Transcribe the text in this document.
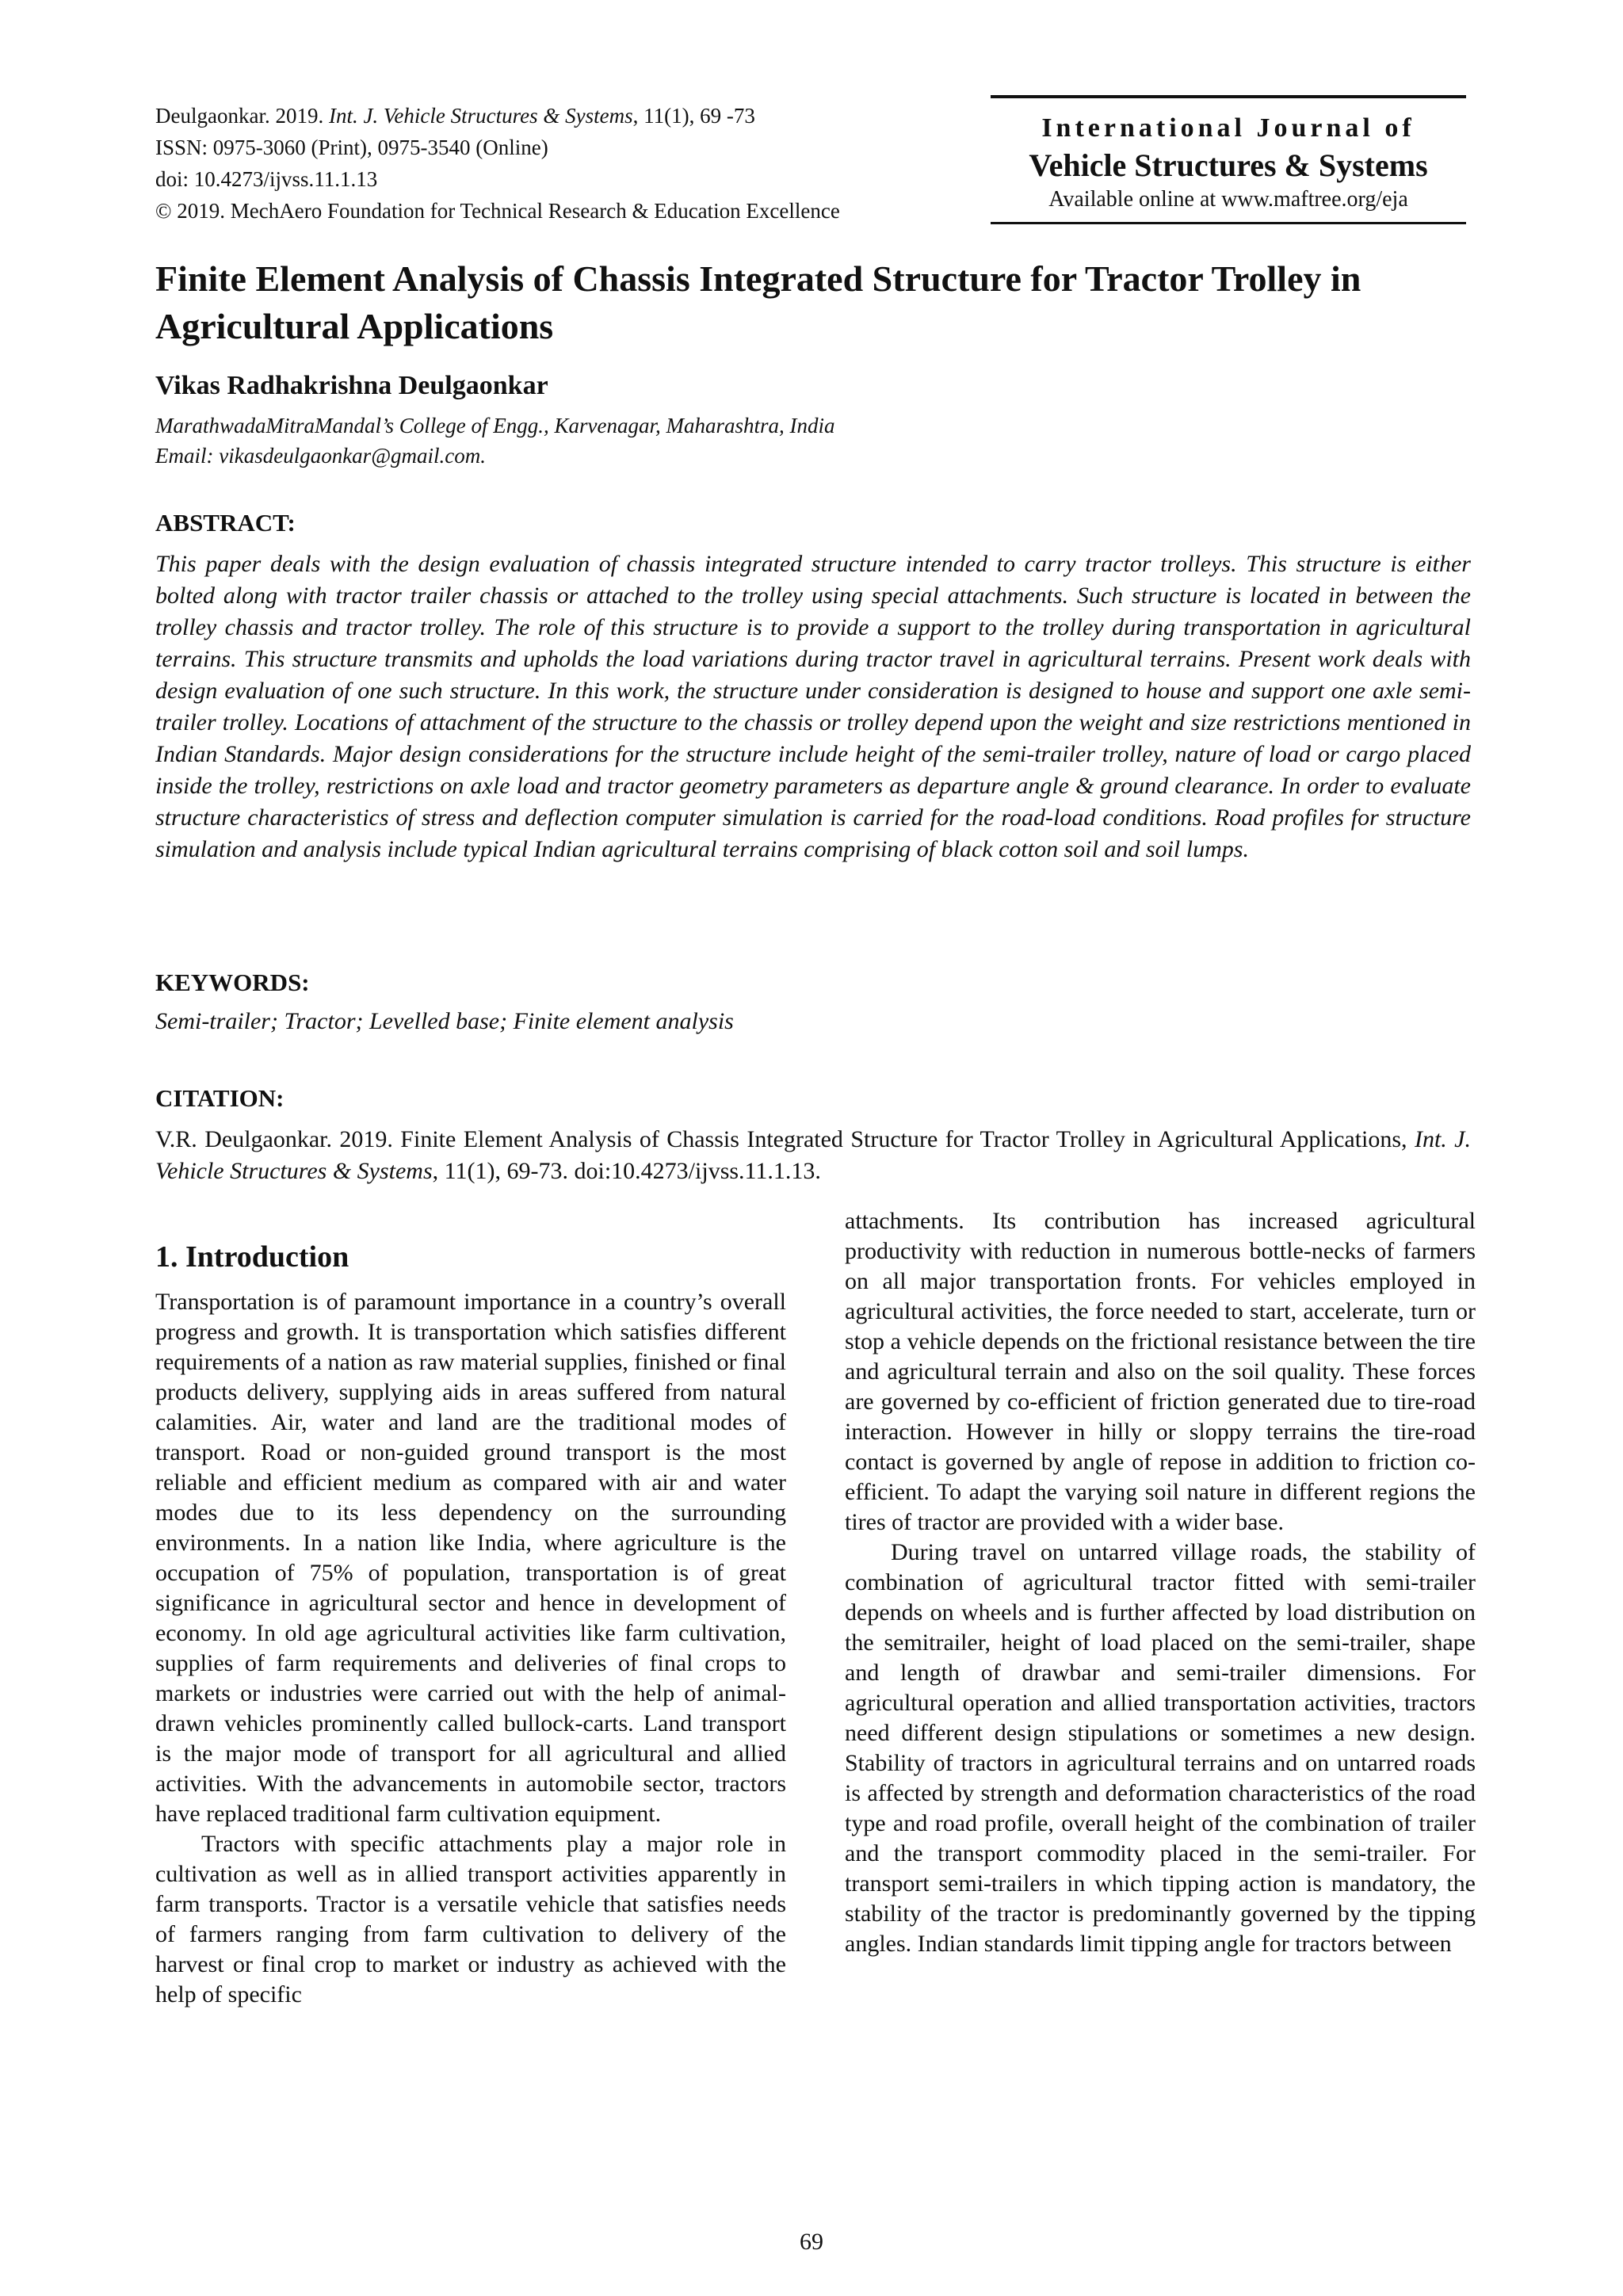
Deulgaonkar. 2019. Int. J. Vehicle Structures & Systems, 11(1), 69 -73
ISSN: 0975-3060 (Print), 0975-3540 (Online)
doi: 10.4273/ijvss.11.1.13
© 2019. MechAero Foundation for Technical Research & Education Excellence
International Journal of
Vehicle Structures & Systems
Available online at www.maftree.org/eja
Finite Element Analysis of Chassis Integrated Structure for Tractor Trolley in Agricultural Applications
Vikas Radhakrishna Deulgaonkar
MarathwadaMitraMandal’s College of Engg., Karvenagar, Maharashtra, India
Email: vikasdeulgaonkar@gmail.com.
ABSTRACT:

This paper deals with the design evaluation of chassis integrated structure intended to carry tractor trolleys. This structure is either bolted along with tractor trailer chassis or attached to the trolley using special attachments. Such structure is located in between the trolley chassis and tractor trolley. The role of this structure is to provide a support to the trolley during transportation in agricultural terrains. This structure transmits and upholds the load variations during tractor travel in agricultural terrains. Present work deals with design evaluation of one such structure. In this work, the structure under consideration is designed to house and support one axle semi-trailer trolley. Locations of attachment of the structure to the chassis or trolley depend upon the weight and size restrictions mentioned in Indian Standards. Major design considerations for the structure include height of the semi-trailer trolley, nature of load or cargo placed inside the trolley, restrictions on axle load and tractor geometry parameters as departure angle & ground clearance. In order to evaluate structure characteristics of stress and deflection computer simulation is carried for the road-load conditions. Road profiles for structure simulation and analysis include typical Indian agricultural terrains comprising of black cotton soil and soil lumps.

KEYWORDS:

Semi-trailer; Tractor; Levelled base; Finite element analysis

CITATION:

V.R. Deulgaonkar. 2019. Finite Element Analysis of Chassis Integrated Structure for Tractor Trolley in Agricultural Applications, Int. J. Vehicle Structures & Systems, 11(1), 69-73. doi:10.4273/ijvss.11.1.13.

1. Introduction

Transportation is of paramount importance in a country’s overall progress and growth. It is transportation which satisfies different requirements of a nation as raw material supplies, finished or final products delivery, supplying aids in areas suffered from natural calamities. Air, water and land are the traditional modes of transport. Road or non-guided ground transport is the most reliable and efficient medium as compared with air and water modes due to its less dependency on the surrounding environments. In a nation like India, where agriculture is the occupation of 75% of population, transportation is of great significance in agricultural sector and hence in development of economy. In old age agricultural activities like farm cultivation, supplies of farm requirements and deliveries of final crops to markets or industries were carried out with the help of animal-drawn vehicles prominently called bullock-carts. Land transport is the major mode of transport for all agricultural and allied activities. With the advancements in automobile sector, tractors have replaced traditional farm cultivation equipment.

Tractors with specific attachments play a major role in cultivation as well as in allied transport activities apparently in farm transports. Tractor is a versatile vehicle that satisfies needs of farmers ranging from farm cultivation to delivery of the harvest or final crop to market or industry as achieved with the help of specific

attachments. Its contribution has increased agricultural productivity with reduction in numerous bottle-necks of farmers on all major transportation fronts. For vehicles employed in agricultural activities, the force needed to start, accelerate, turn or stop a vehicle depends on the frictional resistance between the tire and agricultural terrain and also on the soil quality. These forces are governed by co-efficient of friction generated due to tire-road interaction. However in hilly or sloppy terrains the tire-road contact is governed by angle of repose in addition to friction co-efficient. To adapt the varying soil nature in different regions the tires of tractor are provided with a wider base.

During travel on untarred village roads, the stability of combination of agricultural tractor fitted with semi-trailer depends on wheels and is further affected by load distribution on the semitrailer, height of load placed on the semi-trailer, shape and length of drawbar and semi-trailer dimensions. For agricultural operation and allied transportation activities, tractors need different design stipulations or sometimes a new design. Stability of tractors in agricultural terrains and on untarred roads is affected by strength and deformation characteristics of the road type and road profile, overall height of the combination of trailer and the transport commodity placed in the semi-trailer. For transport semi-trailers in which tipping action is mandatory, the stability of the tractor is predominantly governed by the tipping angles. Indian standards limit tipping angle for tractors between

69
